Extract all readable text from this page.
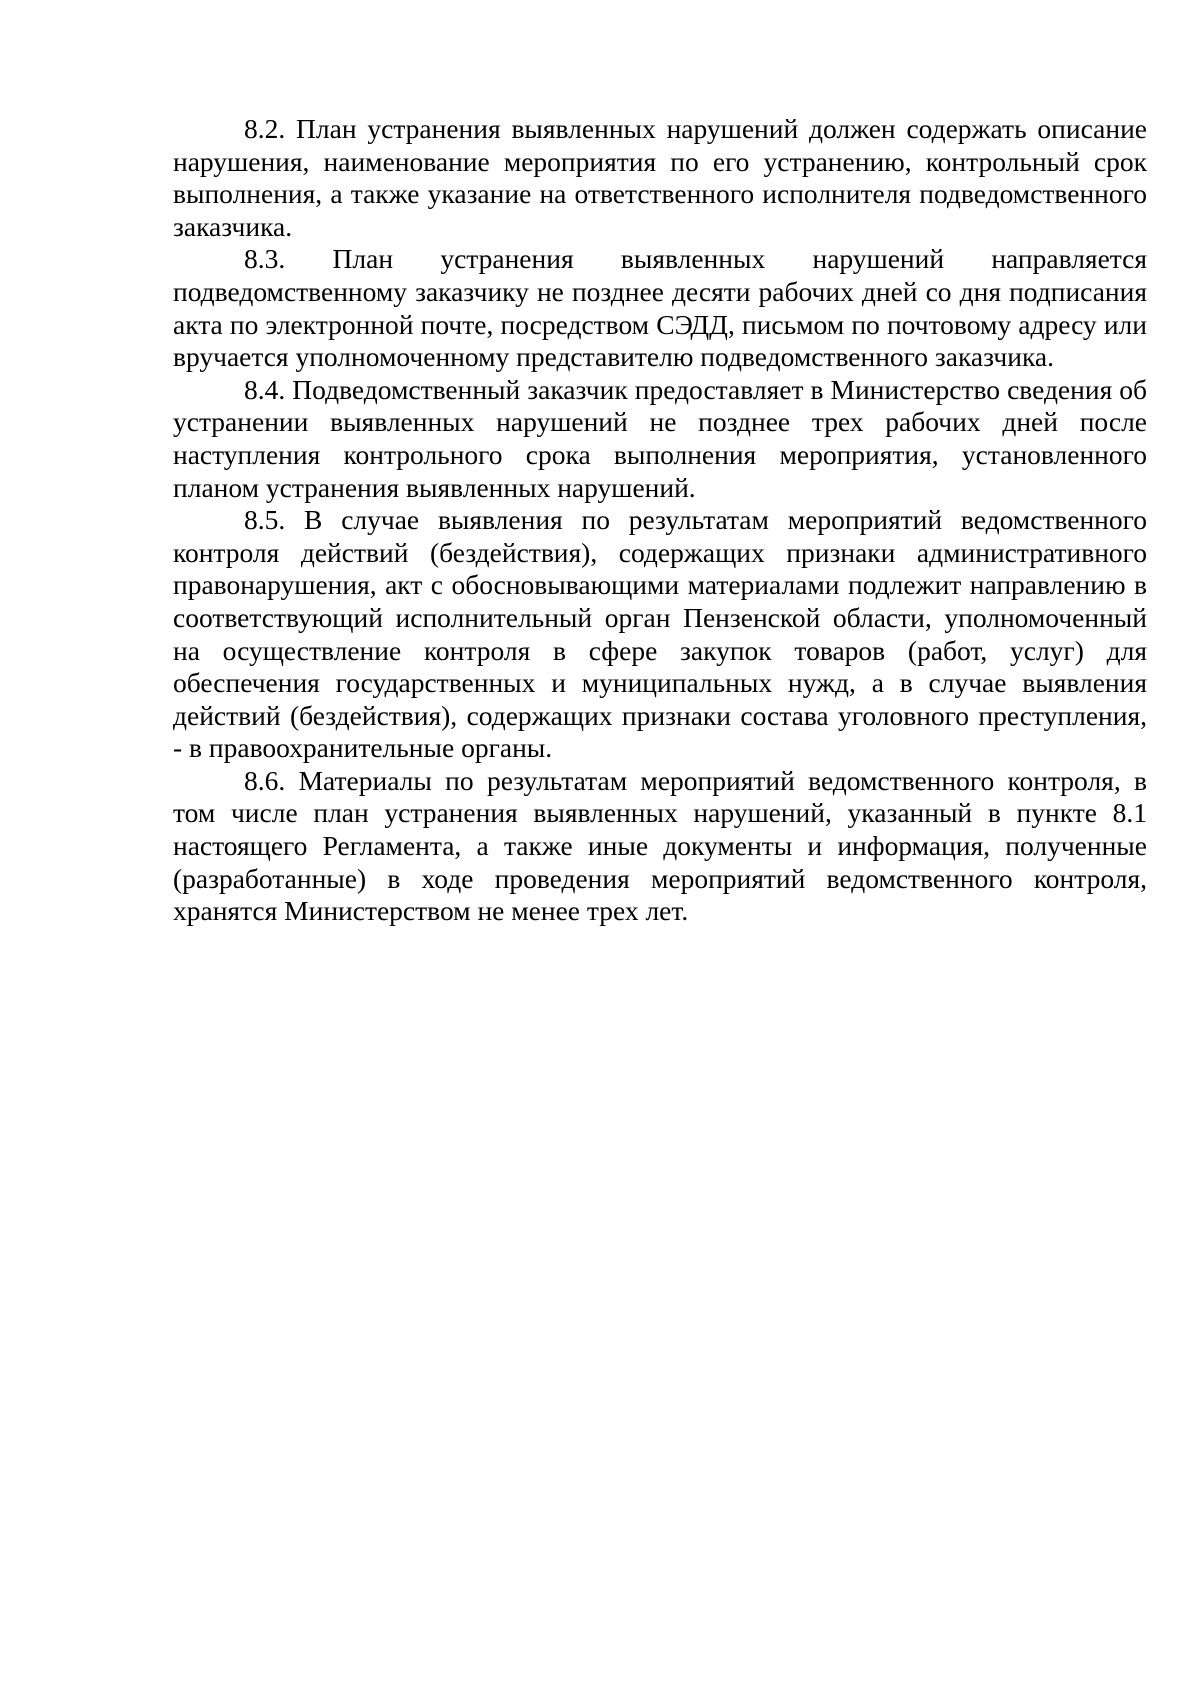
8.2. План устранения выявленных нарушений должен содержать описание нарушения, наименование мероприятия по его устранению, контрольный срок выполнения, а также указание на ответственного исполнителя подведомственного заказчика.

8.3. План устранения выявленных нарушений направляется подведомственному заказчику не позднее десяти рабочих дней со дня подписания акта по электронной почте, посредством СЭДД, письмом по почтовому адресу или вручается уполномоченному представителю подведомственного заказчика.

8.4. Подведомственный заказчик предоставляет в Министерство сведения об устранении выявленных нарушений не позднее трех рабочих дней после наступления контрольного срока выполнения мероприятия, установленного планом устранения выявленных нарушений.

8.5. В случае выявления по результатам мероприятий ведомственного контроля действий (бездействия), содержащих признаки административного правонарушения, акт с обосновывающими материалами подлежит направлению в соответствующий исполнительный орган Пензенской области, уполномоченный на осуществление контроля в сфере закупок товаров (работ, услуг) для обеспечения государственных и муниципальных нужд, а в случае выявления действий (бездействия), содержащих признаки состава уголовного преступления, - в правоохранительные органы.

8.6. Материалы по результатам мероприятий ведомственного контроля, в том числе план устранения выявленных нарушений, указанный в пункте 8.1 настоящего Регламента, а также иные документы и информация, полученные (разработанные) в ходе проведения мероприятий ведомственного контроля, хранятся Министерством не менее трех лет.
